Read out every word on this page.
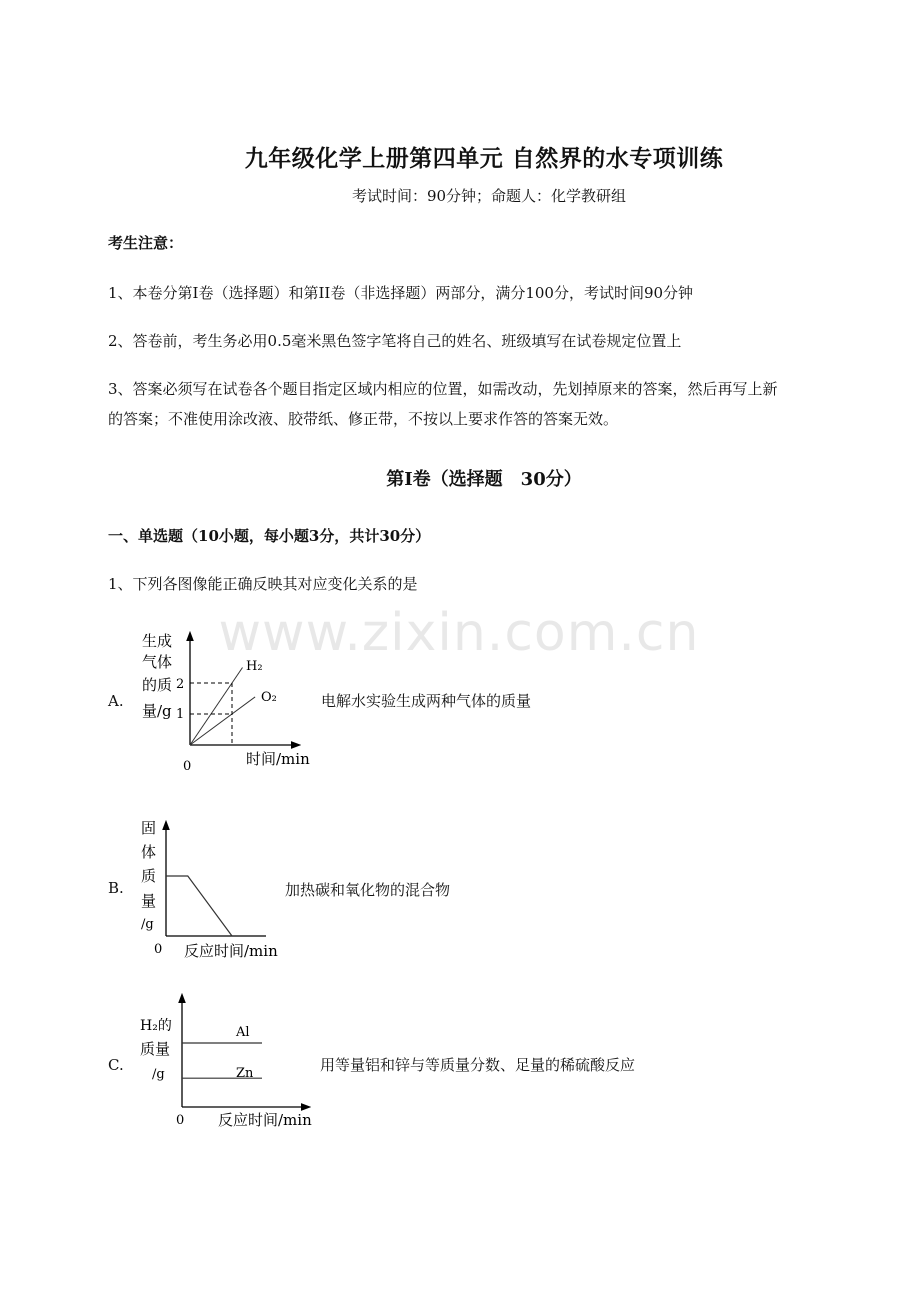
www.zixin.com.cn
九年级化学上册第四单元 自然界的水专项训练
考试时间：90分钟；命题人：化学教研组
考生注意：
1、本卷分第I卷（选择题）和第II卷（非选择题）两部分，满分100分，考试时间90分钟
2、答卷前，考生务必用0.5毫米黑色签字笔将自己的姓名、班级填写在试卷规定位置上
3、答案必须写在试卷各个题目指定区域内相应的位置，如需改动，先划掉原来的答案，然后再写上新
的答案；不准使用涂改液、胶带纸、修正带，不按以上要求作答的答案无效。
第I卷（选择题　30分）
一、单选题（10小题，每小题3分，共计30分）
1、下列各图像能正确反映其对应变化关系的是
A.	电解水实验生成两种气体的质量
生成
气体
的质
量/g
2
1
0	时间/min
H₂
O₂
B.	加热碳和氧化物的混合物
固
体
质
量
/g
0 反应时间/min
C.	用等量铝和锌与等质量分数、足量的稀硫酸反应
H₂的
质量
/g
0 反应时间/min
Al
Zn
